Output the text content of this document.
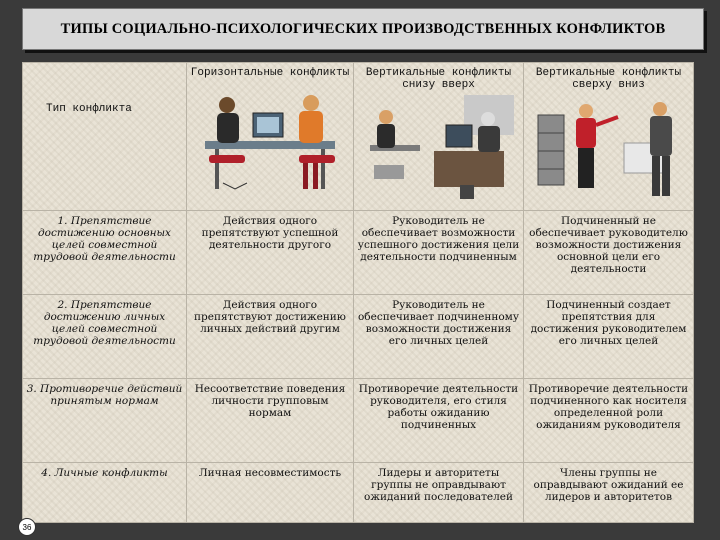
ТИПЫ СОЦИАЛЬНО-ПСИХОЛОГИЧЕСКИХ ПРОИЗВОДСТВЕННЫХ КОНФЛИКТОВ
Тип конфликта	Горизонтальные конфликты	Вертикальные конфликты снизу вверх	Вертикальные конфликты сверху вниз

1. Препятствие достижению основных целей совместной трудовой деятельности	Действия одного препятствуют успешной деятельности другого	Руководитель не обеспечивает возможности успешного достижения цели деятельности подчиненным	Подчиненный не обеспечивает руководителю возможности достижения основной цели его деятельности
2. Препятствие достижению личных целей совместной трудовой деятельности	Действия одного препятствуют достижению личных действий другим	Руководитель не обеспечивает подчиненному возможности достижения его личных целей	Подчиненный создает препятствия для достижения руководителем его личных целей
3. Противоречие действий принятым нормам	Несоответствие поведения личности групповым нормам	Противоречие деятельности руководителя, его стиля работы ожиданию подчиненных	Противоречие деятельности подчиненного как носителя определенной роли ожиданиям руководителя
4. Личные конфликты	Личная несовместимость	Лидеры и авторитеты группы не оправдывают ожиданий последователей	Члены группы не оправдывают ожиданий ее лидеров и авторитетов
36
